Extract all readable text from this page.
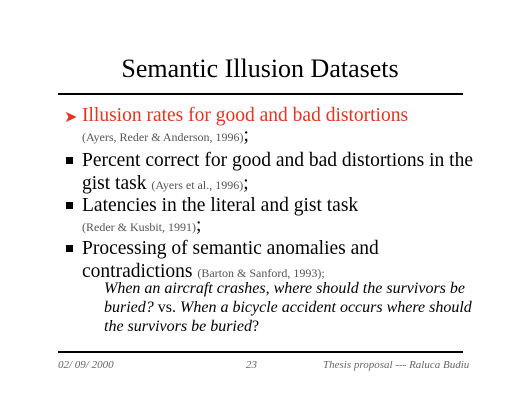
Semantic Illusion Datasets
➤ Illusion rates for good and bad distortions
(Ayers, Reder & Anderson, 1996);
Percent correct for good and bad distortions in the
gist task (Ayers et al., 1996);
Latencies in the literal and gist task
(Reder & Kusbit, 1991);
Processing of semantic anomalies and
contradictions (Barton & Sanford, 1993);
When an aircraft crashes, where should the survivors be buried? vs. When a bicycle accident occurs where should the survivors be buried?
02/ 09/ 2000	23	Thesis proposal --- Raluca Budiu
